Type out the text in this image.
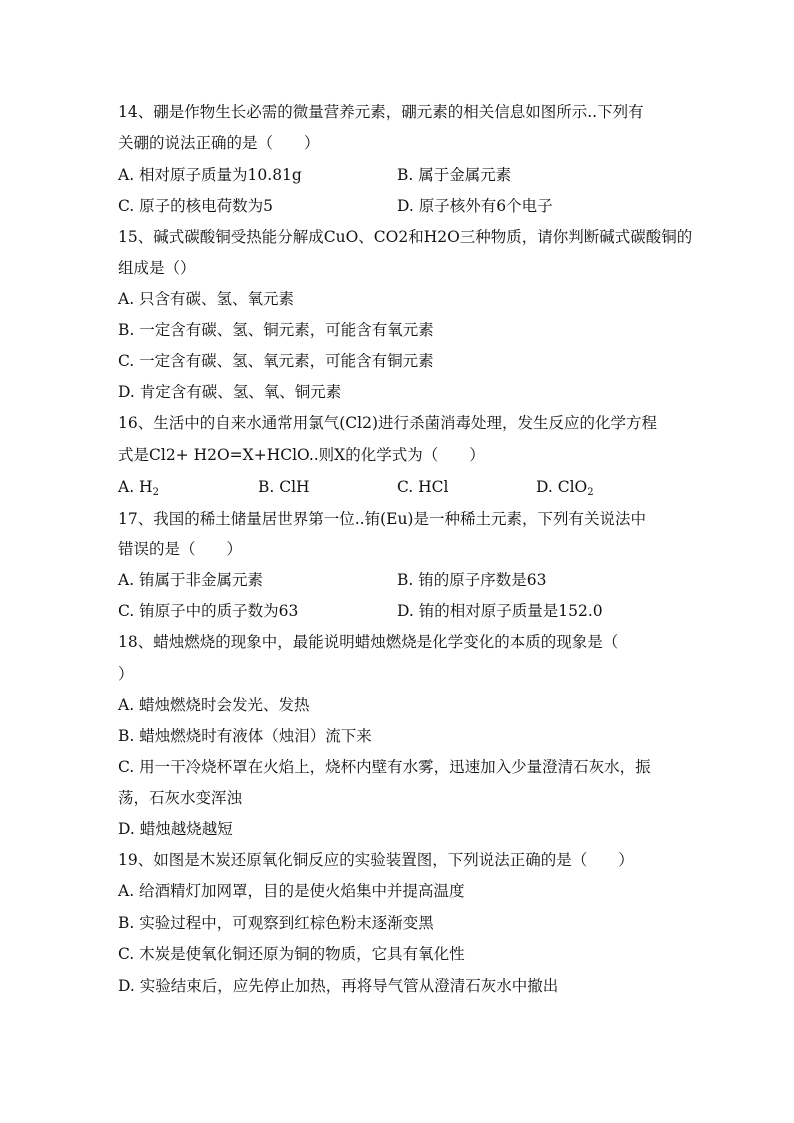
14、硼是作物生长必需的微量营养元素，硼元素的相关信息如图所示..下列有
关硼的说法正确的是（　　）
A. 相对原子质量为10.81g	B. 属于金属元素
C. 原子的核电荷数为5	D. 原子核外有6个电子
15、碱式碳酸铜受热能分解成CuO、CO2和H2O三种物质，请你判断碱式碳酸铜的
组成是（）
A. 只含有碳、氢、氧元素
B. 一定含有碳、氢、铜元素，可能含有氧元素
C. 一定含有碳、氢、氧元素，可能含有铜元素
D. 肯定含有碳、氢、氧、铜元素
16、生活中的自来水通常用氯气(Cl2)进行杀菌消毒处理，发生反应的化学方程
式是Cl2+ H2O=X+HClO..则X的化学式为（　　）
A. $H_2$	B. ClH	C. HCl	D. ClO$_2$
17、我国的稀土储量居世界第一位..铕(Eu)是一种稀土元素，下列有关说法中
错误的是（　　）
A. 铕属于非金属元素	B. 铕的原子序数是63
C. 铕原子中的质子数为63	D. 铕的相对原子质量是152.0
18、蜡烛燃烧的现象中，最能说明蜡烛燃烧是化学变化的本质的现象是（
）
A. 蜡烛燃烧时会发光、发热
B. 蜡烛燃烧时有液体（烛泪）流下来
C. 用一干冷烧杯罩在火焰上，烧杯内壁有水雾，迅速加入少量澄清石灰水，振
荡，石灰水变浑浊
D. 蜡烛越烧越短
19、如图是木炭还原氧化铜反应的实验装置图，下列说法正确的是（　　）
A. 给酒精灯加网罩，目的是使火焰集中并提高温度
B. 实验过程中，可观察到红棕色粉末逐渐变黑
C. 木炭是使氧化铜还原为铜的物质，它具有氧化性
D. 实验结束后，应先停止加热，再将导气管从澄清石灰水中撤出
